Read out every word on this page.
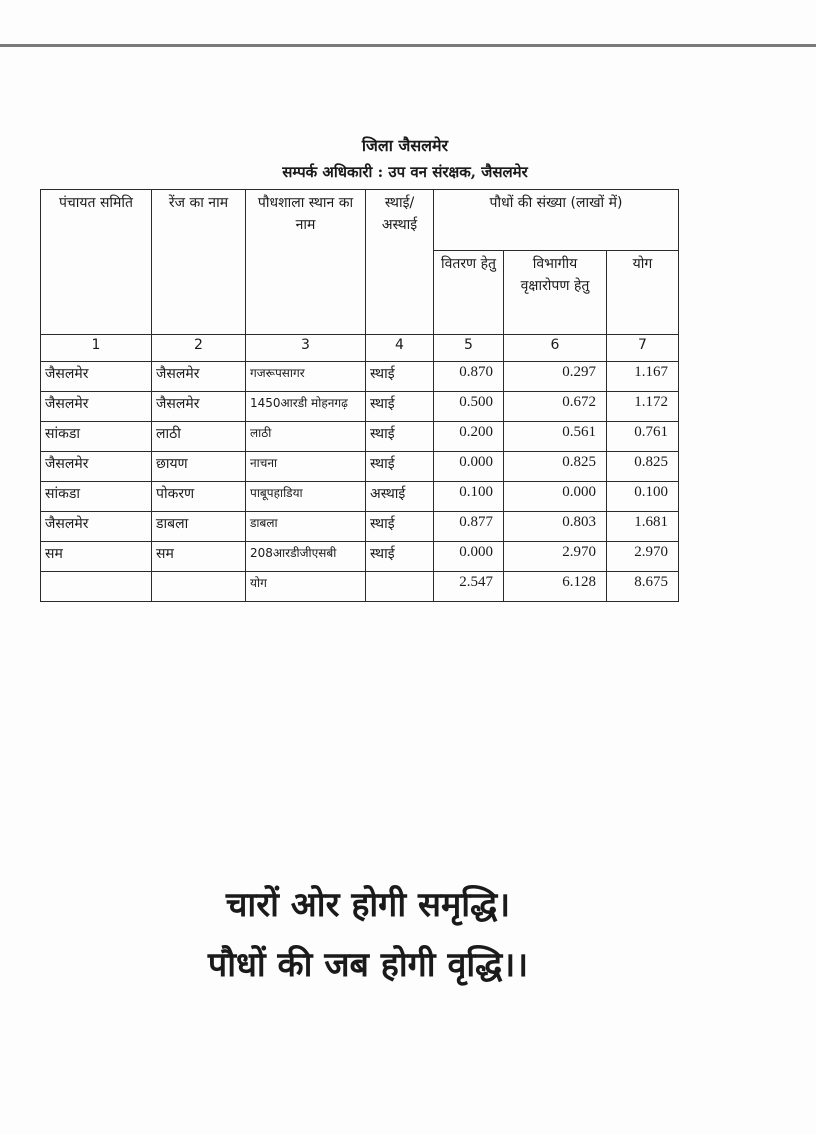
जिला जैसलमेर
सम्पर्क अधिकारी : उप वन संरक्षक, जैसलमेर
पंचायत समिति	रेंज का नाम	पौधशाला स्थान का नाम	स्थाई/ अस्थाई	पौधों की संख्या (लाखों में)		
				वितरण हेतु	विभागीय वृक्षारोपण हेतु	योग
1	2	3	4	5	6	7
जैसलमेर	जैसलमेर	गजरूपसागर	स्थाई	0.870	0.297	1.167
जैसलमेर	जैसलमेर	1450आरडी मोहनगढ़	स्थाई	0.500	0.672	1.172
सांकडा	लाठी	लाठी	स्थाई	0.200	0.561	0.761
जैसलमेर	छायण	नाचना	स्थाई	0.000	0.825	0.825
सांकडा	पोकरण	पाबूपहाडिया	अस्थाई	0.100	0.000	0.100
जैसलमेर	डाबला	डाबला	स्थाई	0.877	0.803	1.681
सम	सम	208आरडीजीएसबी	स्थाई	0.000	2.970	2.970
		योग		2.547	6.128	8.675
चारों ओर होगी समृद्धि।
पौधों की जब होगी वृद्धि।।
